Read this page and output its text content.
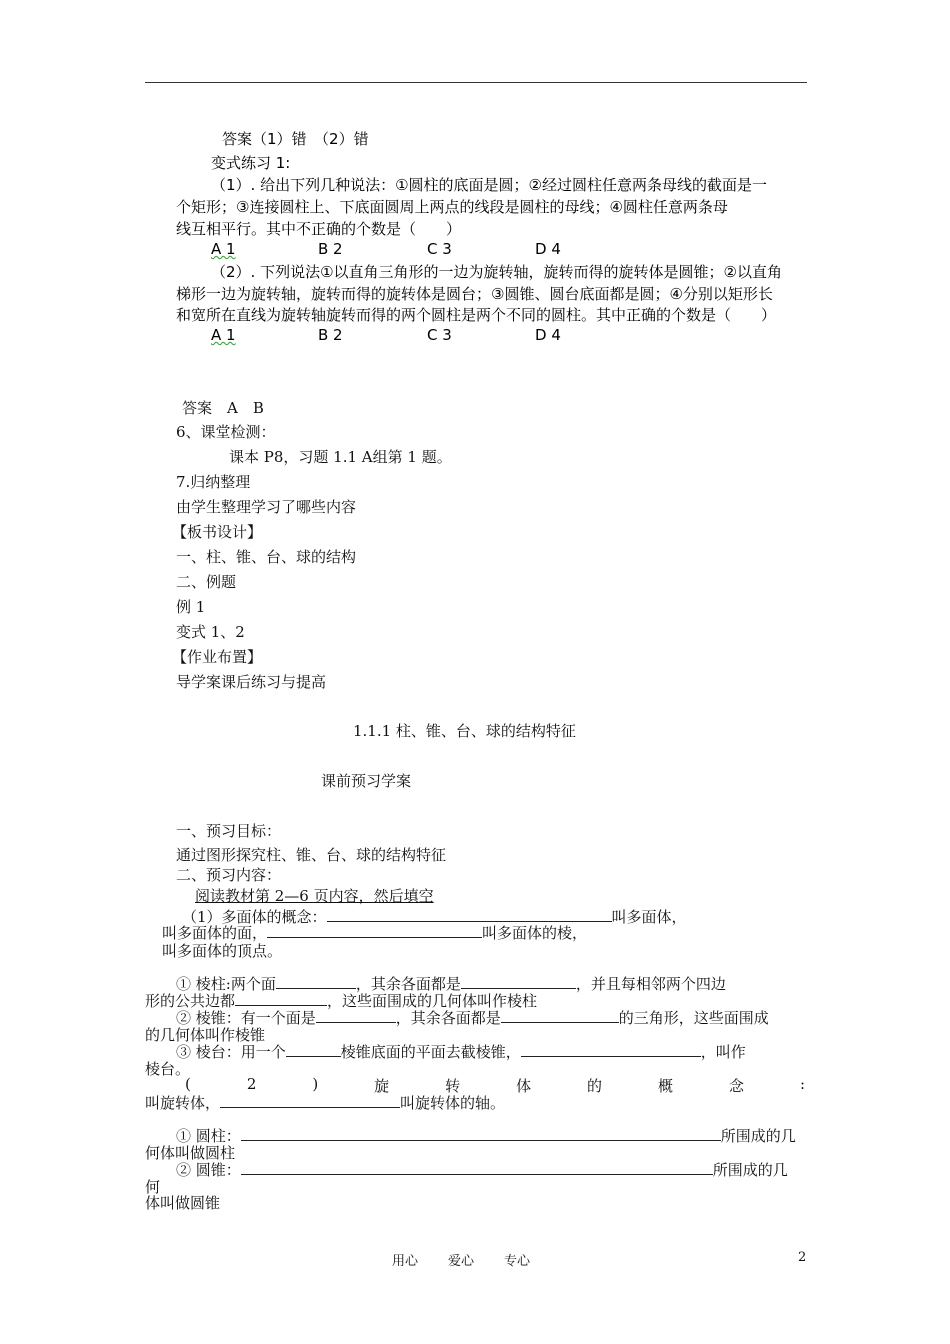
答案（1）错　（2）错
变式练习 1:
（1）. 给出下列几种说法：①圆柱的底面是圆；②经过圆柱任意两条母线的截面是一
个矩形；③连接圆柱上、下底面圆周上两点的线段是圆柱的母线；④圆柱任意两条母
线互相平行。其中不正确的个数是（　　）
A 1	B 2	C 3	D 4
（2）. 下列说法①以直角三角形的一边为旋转轴，旋转而得的旋转体是圆锥；②以直角
梯形一边为旋转轴，旋转而得的旋转体是圆台；③圆锥、圆台底面都是圆；④分别以矩形长
和宽所在直线为旋转轴旋转而得的两个圆柱是两个不同的圆柱。其中正确的个数是（　　）
A 1	B 2	C 3	D 4
答案　A　B
6、课堂检测：
课本 P8，习题 1.1 A组第 1 题。
7.归纳整理
由学生整理学习了哪些内容
【板书设计】
一、柱、锥、台、球的结构
二、例题
例 1
变式 1、2
【作业布置】
导学案课后练习与提高
1.1.1 柱、锥、台、球的结构特征
课前预习学案
一、预习目标：
通过图形探究柱、锥、台、球的结构特征
二、预习内容：
阅读教材第 2—6 页内容，然后填空
（1）多面体的概念：	叫多面体，
叫多面体的面，	叫多面体的棱，
叫多面体的顶点。
① 棱柱:两个面	，其余各面都是	，并且每相邻两个四边
形的公共边都	，这些面围成的几何体叫作棱柱
② 棱锥：有一个面是	，其余各面都是	的三角形，这些面围成
的几何体叫作棱锥
③ 棱台：用一个	棱锥底面的平面去截棱锥，	，叫作
棱台。
(	2	)	旋	转	体	的	概	念	:
叫旋转体，	叫旋转体的轴。
① 圆柱：	所围成的几
何体叫做圆柱
② 圆锥：	所围成的几
何
体叫做圆锥
用心 爱心 专心	2
